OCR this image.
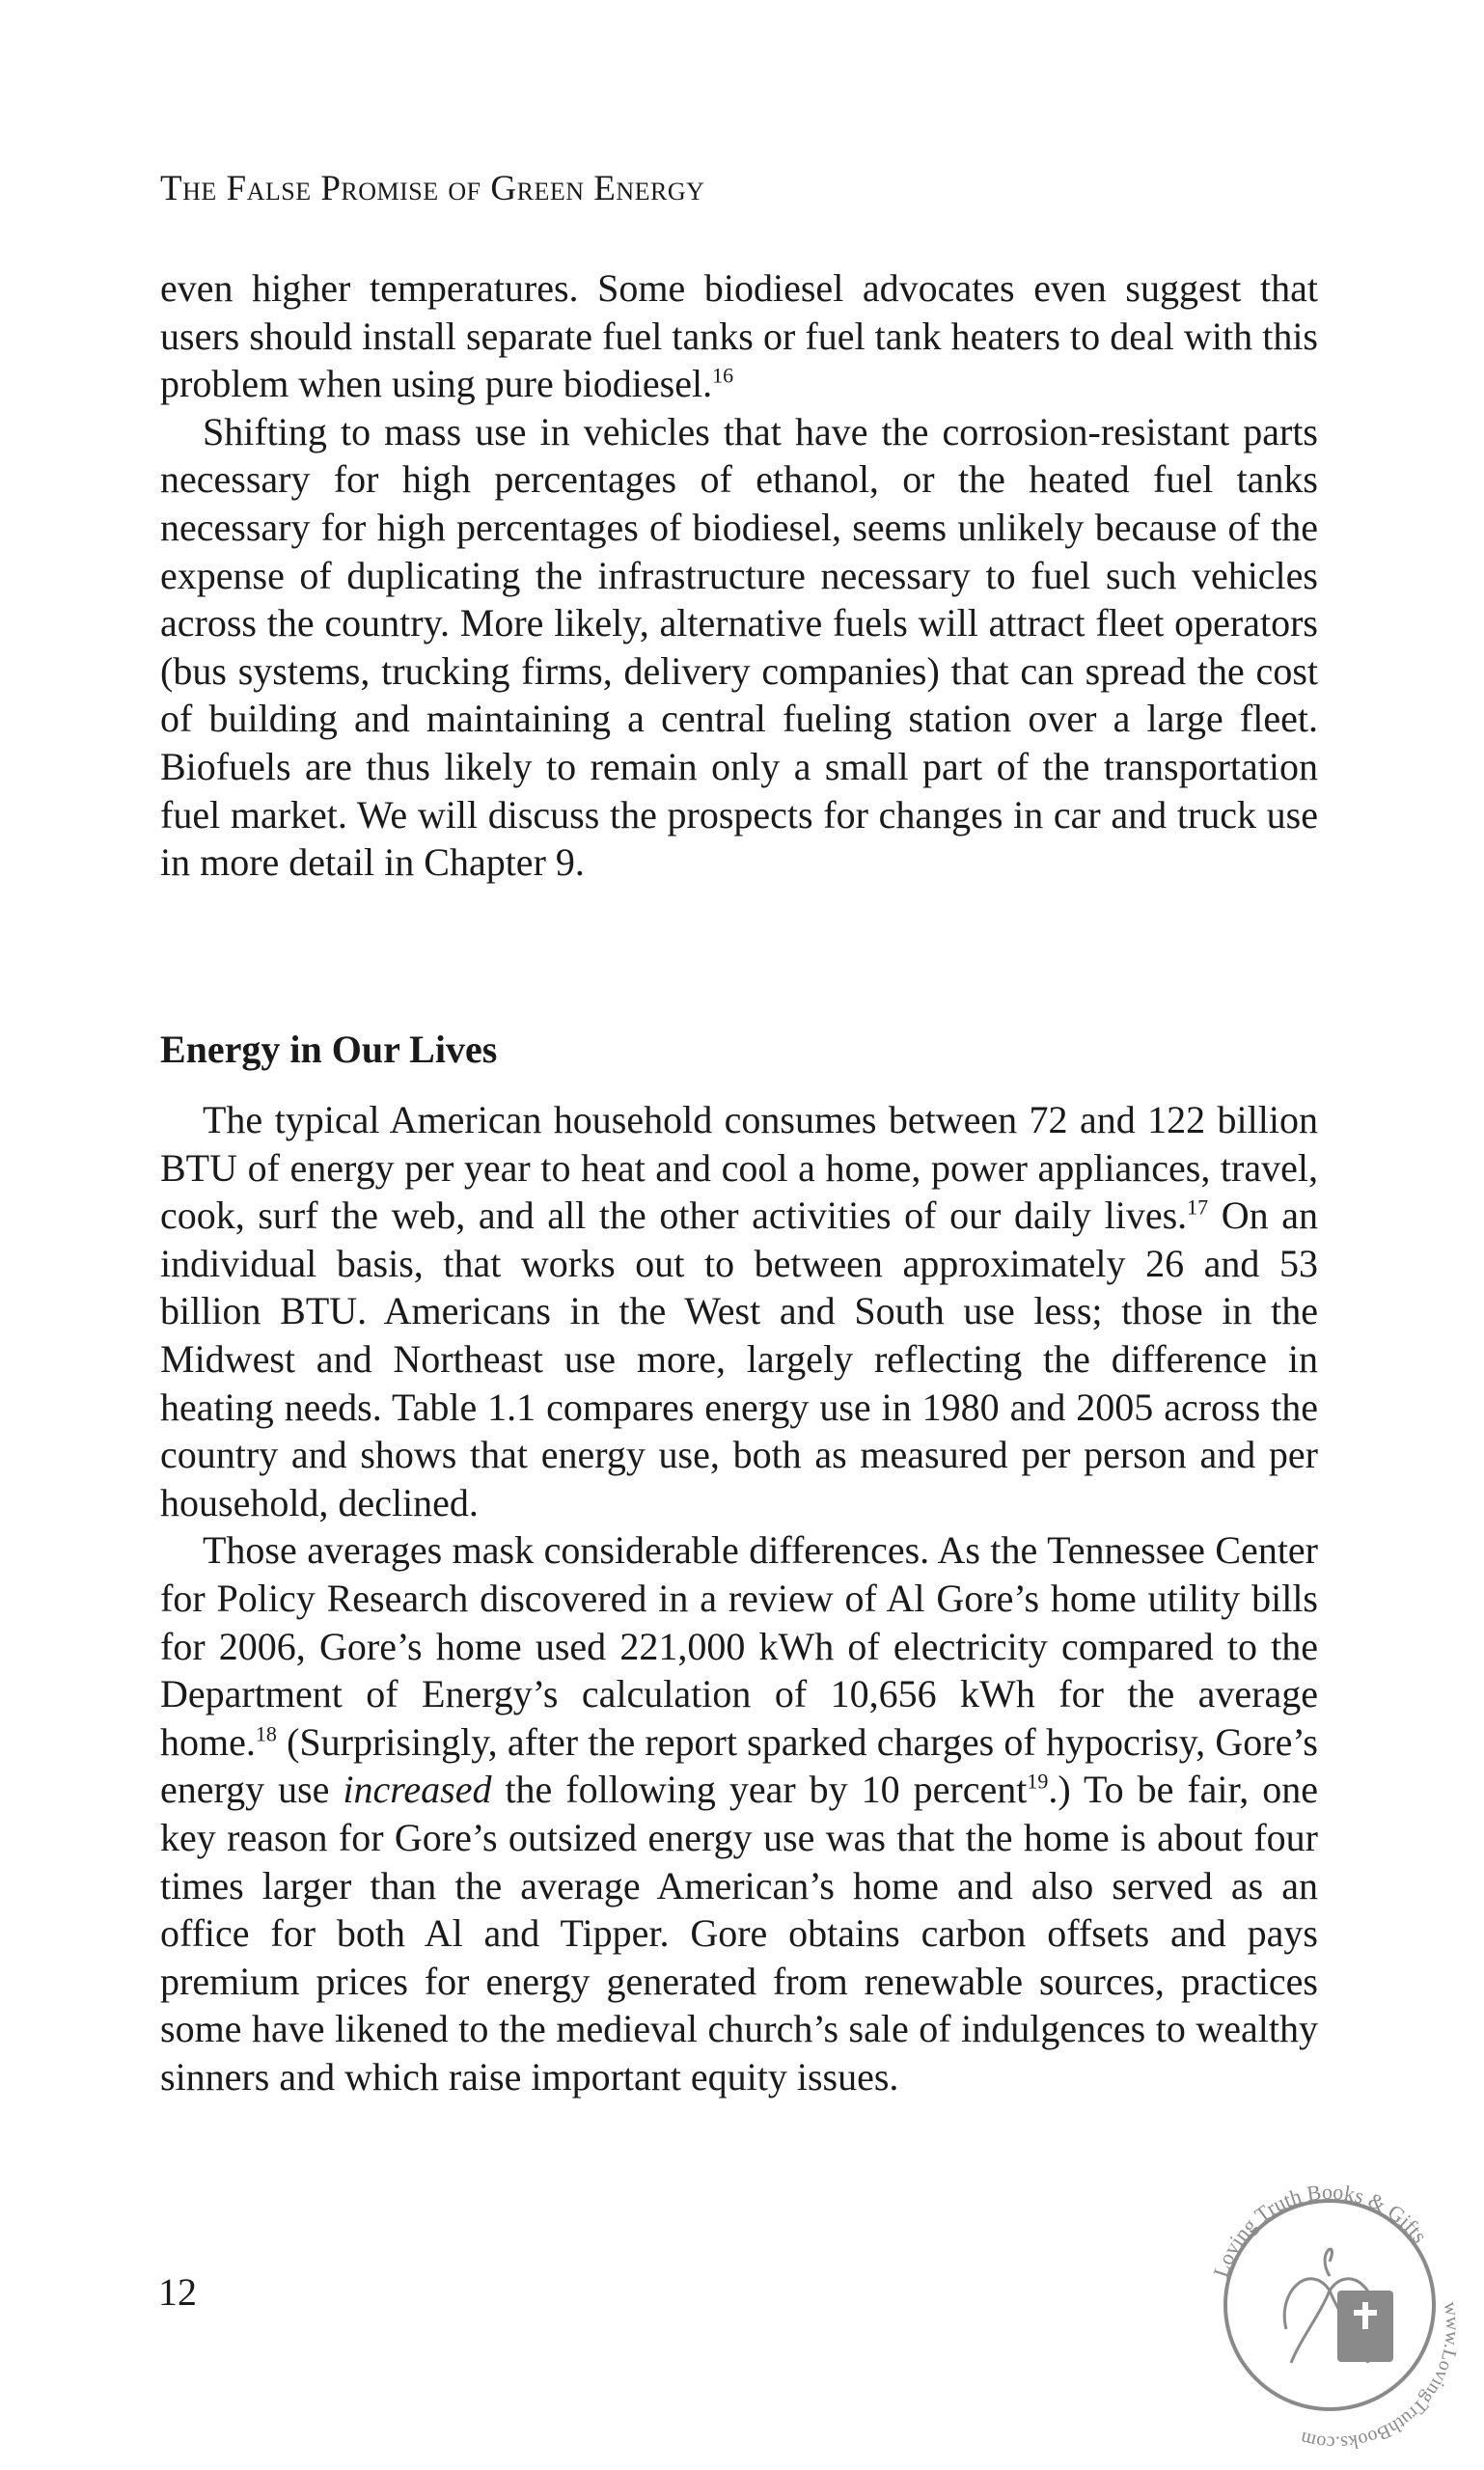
The False Promise of Green Energy

even higher temperatures. Some biodiesel advocates even suggest that users should install separate fuel tanks or fuel tank heaters to deal with this problem when using pure biodiesel.$^{16}$

Shifting to mass use in vehicles that have the corrosion-resistant parts necessary for high percentages of ethanol, or the heated fuel tanks necessary for high percentages of biodiesel, seems unlikely because of the expense of duplicating the infrastructure necessary to fuel such vehicles across the country. More likely, alternative fuels will attract fleet operators (bus systems, trucking firms, delivery companies) that can spread the cost of building and maintaining a central fueling station over a large fleet. Biofuels are thus likely to remain only a small part of the transportation fuel market. We will discuss the prospects for changes in car and truck use in more detail in Chapter 9.

Energy in Our Lives

The typical American household consumes between 72 and 122 billion BTU of energy per year to heat and cool a home, power appliances, travel, cook, surf the web, and all the other activities of our daily lives.$^{17}$ On an individual basis, that works out to between approximately 26 and 53 billion BTU. Americans in the West and South use less; those in the Midwest and Northeast use more, largely reflecting the difference in heating needs. Table 1.1 compares energy use in 1980 and 2005 across the country and shows that energy use, both as measured per person and per household, declined.

Those averages mask considerable differences. As the Tennessee Center for Policy Research discovered in a review of Al Gore’s home utility bills for 2006, Gore’s home used 221,000 kWh of electricity compared to the Department of Energy’s calculation of 10,656 kWh for the average home.$^{18}$ (Surprisingly, after the report sparked charges of hypocrisy, Gore’s energy use increased the following year by 10 percent$^{19}$.) To be fair, one key reason for Gore’s outsized energy use was that the home is about four times larger than the average American’s home and also served as an office for both Al and Tipper. Gore obtains carbon offsets and pays premium prices for energy generated from renewable sources, practices some have likened to the medieval church’s sale of indulgences to wealthy sinners and which raise important equity issues.

12
Loving Truth Books & Gifts
www.LovingTruthBooks.com
